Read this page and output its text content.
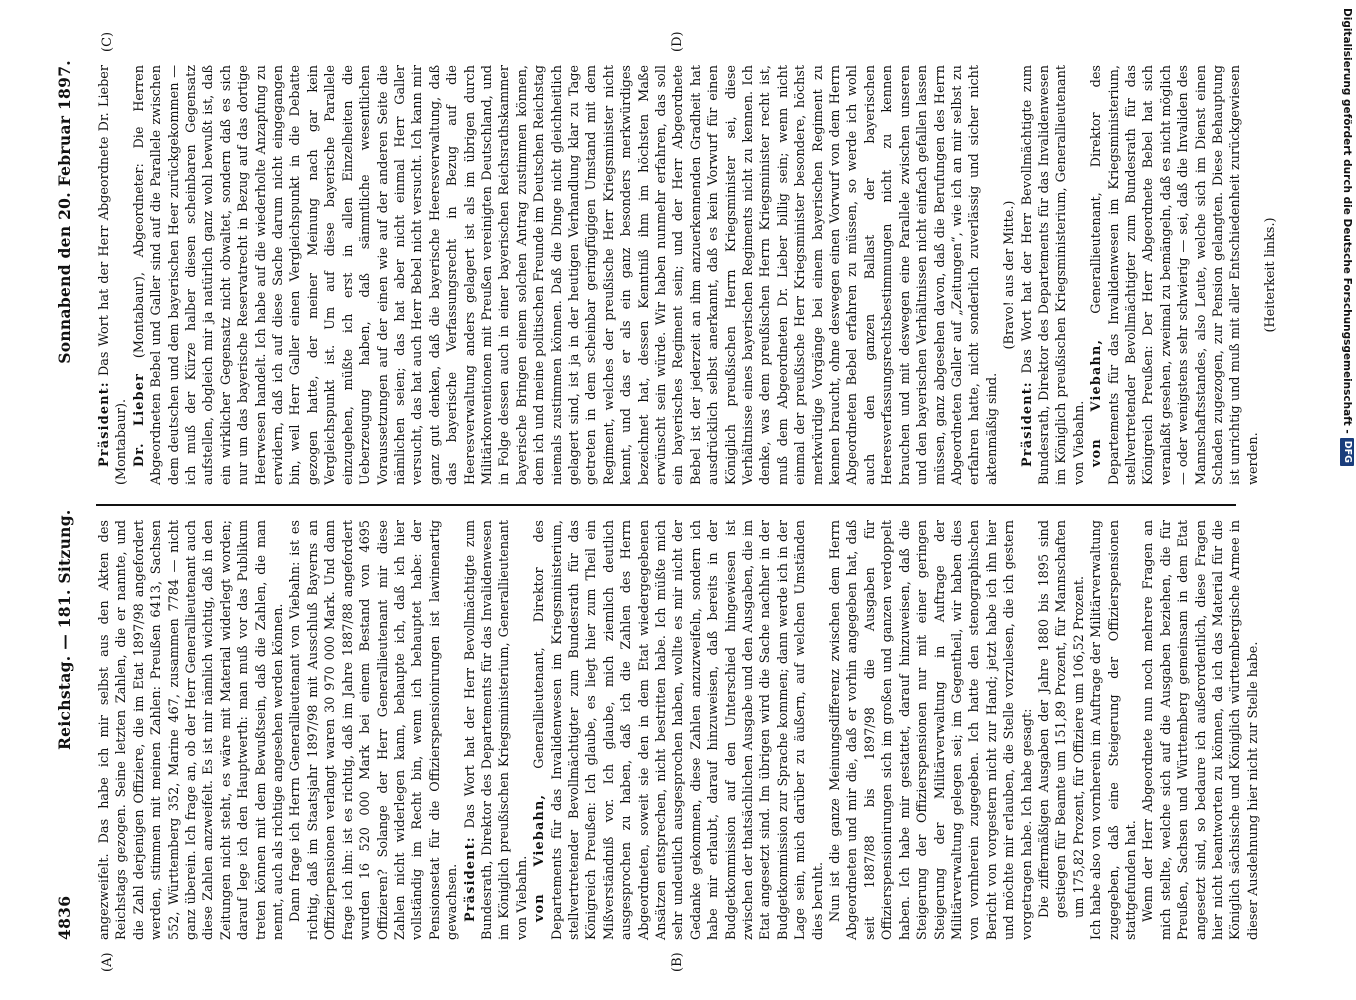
4836
Reichstag. — 181. Sitzung.
Sonnabend den 20. Februar 1897.
(A)	(B)
(C)	(D)

angezweifelt. Das habe ich mir selbst aus den Akten des Reichstags gezogen. Seine letzten Zahlen, die er nannte, und die Zahl derjenigen Offiziere, die im Etat 1897/98 angefordert werden, stimmen mit meinen Zahlen: Preußen 6413, Sachsen 552, Württemberg 352, Marine 467, zusammen 7784 — nicht ganz überein. Ich frage an, ob der Herr Generallieutenant auch diese Zahlen anzweifelt. Es ist mir nämlich wichtig, daß in den Zeitungen nicht steht, es wäre mit Material widerlegt worden; darauf lege ich den Hauptwerth: man muß vor das Publikum treten können mit dem Bewußtsein, daß die Zahlen, die man nennt, auch als richtige angesehen werden können. Dann frage ich Herrn Generallieutenant von Viebahn: ist es richtig, daß im Staatsjahr 1897/98 mit Ausschluß Bayerns an Offizierpensionen verlangt waren 30 970 000 Mark. Und dann frage ich ihn: ist es richtig, daß im Jahre 1887/88 angefordert wurden 16 520 000 Mark bei einem Bestand von 4695 Offizieren? Solange der Herr Generallieutenant mir diese Zahlen nicht widerlegen kann, behaupte ich, daß ich hier vollständig im Recht bin, wenn ich behauptet habe: der Pensionsetat für die Offizierspensionirungen ist lawinenartig gewachsen. Präsident: Das Wort hat der Herr Bevollmächtigte zum Bundesrath, Direktor des Departements für das Invalidenwesen im Königlich preußischen Kriegsministerium, Generallieutenant von Viebahn. von Viebahn, Generallieutenant, Direktor des Departements für das Invalidenwesen im Kriegsministerium, stellvertretender Bevollmächtigter zum Bundesrath für das Königreich Preußen: Ich glaube, es liegt hier zum Theil ein Mißverständniß vor. Ich glaube, mich ziemlich deutlich ausgesprochen zu haben, daß ich die Zahlen des Herrn Abgeordneten, soweit sie den in dem Etat wiedergegebenen Ansätzen entsprechen, nicht bestritten habe. Ich müßte mich sehr undeutlich ausgesprochen haben, wollte es mir nicht der Gedanke gekommen, diese Zahlen anzuzweifeln, sondern ich habe mir erlaubt, darauf hinzuweisen, daß bereits in der Budgetkommission auf den Unterschied hingewiesen ist zwischen der thatsächlichen Ausgabe und den Ausgaben, die im Etat angesetzt sind. Im übrigen wird die Sache nachher in der Budgetkommission zur Sprache kommen; dann werde ich in der Lage sein, mich darüber zu äußern, auf welchen Umständen dies beruht. Nun ist die ganze Meinungsdifferenz zwischen dem Herrn Abgeordneten und mir die, daß er vorhin angegeben hat, daß seit 1887/88 bis 1897/98 die Ausgaben für Offizierspensionirungen sich im großen und ganzen verdoppelt haben. Ich habe mir gestattet, darauf hinzuweisen, daß die Steigerung der Offizierspensionen nur mit einer geringen Steigerung der Militärverwaltung in Auftrage der Militärverwaltung gelegen sei; im Gegentheil, wir haben dies von vornherein zugegeben. Ich hatte den stenographischen Bericht von vorgestern nicht zur Hand; jetzt habe ich ihn hier und möchte mir erlauben, die Stelle vorzulesen, die ich gestern vorgetragen habe. Ich habe gesagt: Die ziffermäßigen Ausgaben der Jahre 1880 bis 1895 sind gestiegen für Beamte um 151,89 Prozent, für Mannschaften um 175,82 Prozent, für Offiziere um 106,52 Prozent. Ich habe also von vornherein im Auftrage der Militärverwaltung zugegeben, daß eine Steigerung der Offizierspensionen stattgefunden hat. Wenn der Herr Abgeordnete nun noch mehrere Fragen an mich stellte, welche sich auf die Ausgaben beziehen, die für Preußen, Sachsen und Württemberg gemeinsam in dem Etat angesetzt sind, so bedaure ich außerordentlich, diese Fragen hier nicht beantworten zu können, da ich das Material für die Königlich sächsische und Königlich württembergische Armee in dieser Ausdehnung hier nicht zur Stelle habe.

Präsident: Das Wort hat der Herr Abgeordnete Dr. Lieber (Montabaur). Dr. Lieber (Montabaur), Abgeordneter: Die Herren Abgeordneten Bebel und Galler sind auf die Parallele zwischen dem deutschen und dem bayerischen Heer zurückgekommen — ich muß der Kürze halber diesen scheinbaren Gegensatz aufstellen, obgleich mir ja natürlich ganz wohl bewußt ist, daß ein wirklicher Gegensatz nicht obwaltet, sondern daß es sich nur um das bayerische Reservatrecht in Bezug auf das dortige Heerwesen handelt. Ich habe auf die wiederholte Anzapfung zu erwidern, daß ich auf diese Sache darum nicht eingegangen bin, weil Herr Galler einen Vergleichspunkt in die Debatte gezogen hatte, der meiner Meinung nach gar kein Vergleichspunkt ist. Um auf diese bayerische Parallele einzugehen, müßte ich erst in allen Einzelheiten die Ueberzeugung haben, daß sämmtliche wesentlichen Voraussetzungen auf der einen wie auf der anderen Seite die nämlichen seien; das hat aber nicht einmal Herr Galler versucht, das hat auch Herr Bebel nicht versucht. Ich kann mir ganz gut denken, daß die bayerische Heeresverwaltung, daß das bayerische Verfassungsrecht in Bezug auf die Heeresverwaltung anders gelagert ist als im übrigen durch Militärkonventionen mit Preußen vereinigten Deutschland, und in Folge dessen auch in einer bayerischen Reichsrathskammer bayerische Bringen einem solchen Antrag zustimmen können, dem ich und meine politischen Freunde im Deutschen Reichstag niemals zustimmen können. Daß die Dinge nicht gleichheitlich gelagert sind, ist ja in der heutigen Verhandlung klar zu Tage getreten in dem scheinbar geringfügigen Umstand mit dem Regiment, welches der preußische Herr Kriegsminister nicht kennt, und das er als ein ganz besonders merkwürdiges bezeichnet hat, dessen Kenntniß ihm im höchsten Maße erwünscht sein würde. Wir haben nunmehr erfahren, das soll ein bayerisches Regiment sein; und der Herr Abgeordnete Bebel ist der jederzeit an ihm anzuerkennenden Gradheit hat ausdrücklich selbst anerkannt, daß es kein Vorwurf für einen Königlich preußischen Herrn Kriegsminister sei, diese Verhältnisse eines bayerischen Regiments nicht zu kennen. Ich denke, was dem preußischen Herrn Kriegsminister recht ist, muß dem Abgeordneten Dr. Lieber billig sein; wenn nicht einmal der preußische Herr Kriegsminister besondere, höchst merkwürdige Vorgänge bei einem bayerischen Regiment zu kennen braucht, ohne deswegen einen Vorwurf von dem Herrn Abgeordneten Bebel erfahren zu müssen, so werde ich wohl auch den ganzen Ballast der bayerischen Heeresverfassungsrechtsbestimmungen nicht zu kennen brauchen und mit deswegen eine Parallele zwischen unseren und den bayerischen Verhältnissen nicht einfach gefallen lassen müssen, ganz abgesehen davon, daß die Berufungen des Herrn Abgeordneten Galler auf „Zeitungen“, wie ich an mir selbst zu erfahren hatte, nicht sonderlich zuverlässig und sicher nicht aktenmäßig sind.

(Bravo! aus der Mitte.)

Präsident: Das Wort hat der Herr Bevollmächtigte zum Bundesrath, Direktor des Departements für das Invalidenwesen im Königlich preußischen Kriegsministerium, Generallieutenant von Viebahn. von Viebahn, Generallieutenant, Direktor des Departements für das Invalidenwesen im Kriegsministerium, stellvertretender Bevollmächtigter zum Bundesrath für das Königreich Preußen: Der Herr Abgeordnete Bebel hat sich veranlaßt gesehen, zweimal zu bemängeln, daß es nicht möglich — oder wenigstens sehr schwierig — sei, daß die Invaliden des Mannschaftsstandes, also Leute, welche sich im Dienst einen Schaden zugezogen, zur Pension gelangten. Diese Behauptung ist unrichtig und muß mit aller Entschiedenheit zurückgewiesen werden.

(Heiterkeit links.)	Digitalisierung gefördert durch die Deutsche Forschungsgemeinschaft -
DFG
